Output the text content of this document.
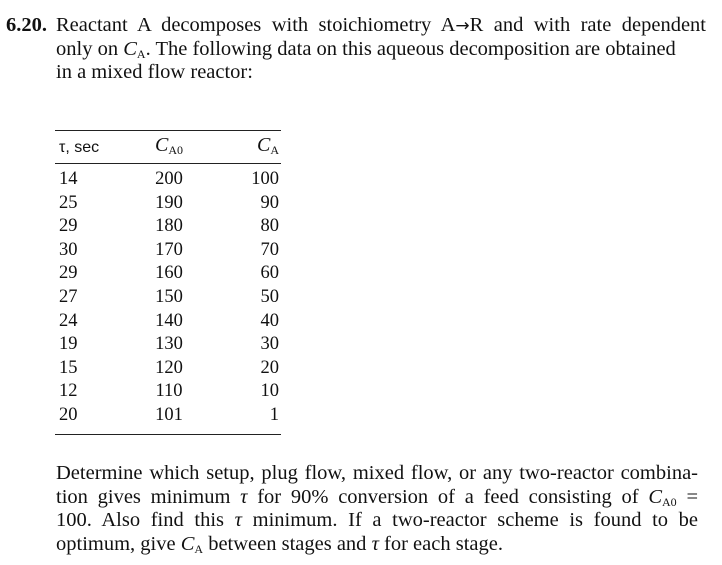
6.20. Reactant A decomposes with stoichiometry A→R and with rate dependent
only on $C_A$. The following data on this aqueous decomposition are obtained
in a mixed flow reactor:
τ, sec	$C_{A0}$	$C_A$
14	200	100
25	190	90
29	180	80
30	170	70
29	160	60
27	150	50
24	140	40
19	130	30
15	120	20
12	110	10
20	101	1
Determine which setup, plug flow, mixed flow, or any two-reactor combina-
tion gives minimum τ for 90% conversion of a feed consisting of $C_{A0}$ =
100. Also find this τ minimum. If a two-reactor scheme is found to be
optimum, give $C_A$ between stages and τ for each stage.
